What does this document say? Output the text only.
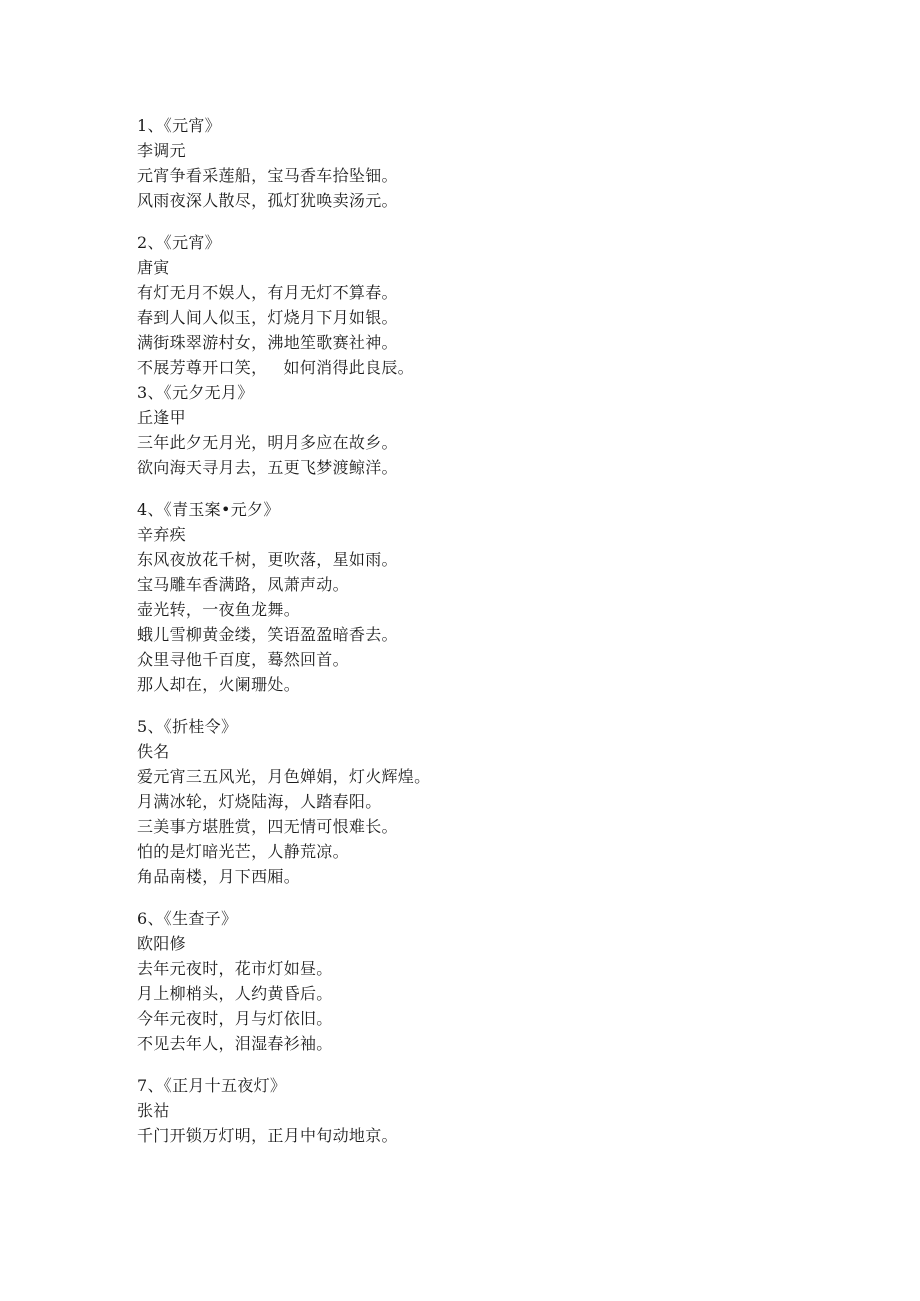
1、《元宵》
李调元
元宵争看采莲船，宝马香车拾坠钿。
风雨夜深人散尽，孤灯犹唤卖汤元。
2、《元宵》
唐寅
有灯无月不娱人，有月无灯不算春。
春到人间人似玉，灯烧月下月如银。
满街珠翠游村女，沸地笙歌赛社神。
不展芳尊开口笑，   如何消得此良辰。
3、《元夕无月》
丘逢甲
三年此夕无月光，明月多应在故乡。
欲向海天寻月去，五更飞梦渡鲸洋。
4、《青玉案•元夕》
辛弃疾
东风夜放花千树，更吹落，星如雨。
宝马雕车香满路，凤萧声动。
壶光转，一夜鱼龙舞。
蛾儿雪柳黄金缕，笑语盈盈暗香去。
众里寻他千百度，蓦然回首。
那人却在，火阑珊处。
5、《折桂令》
佚名
爱元宵三五风光，月色婵娟，灯火辉煌。
月满冰轮，灯烧陆海，人踏春阳。
三美事方堪胜赏，四无情可恨难长。
怕的是灯暗光芒，人静荒凉。
角品南楼，月下西厢。
6、《生查子》
欧阳修
去年元夜时，花市灯如昼。
月上柳梢头，人约黄昏后。
今年元夜时，月与灯依旧。
不见去年人，泪湿春衫袖。
7、《正月十五夜灯》
张祜
千门开锁万灯明，正月中旬动地京。
